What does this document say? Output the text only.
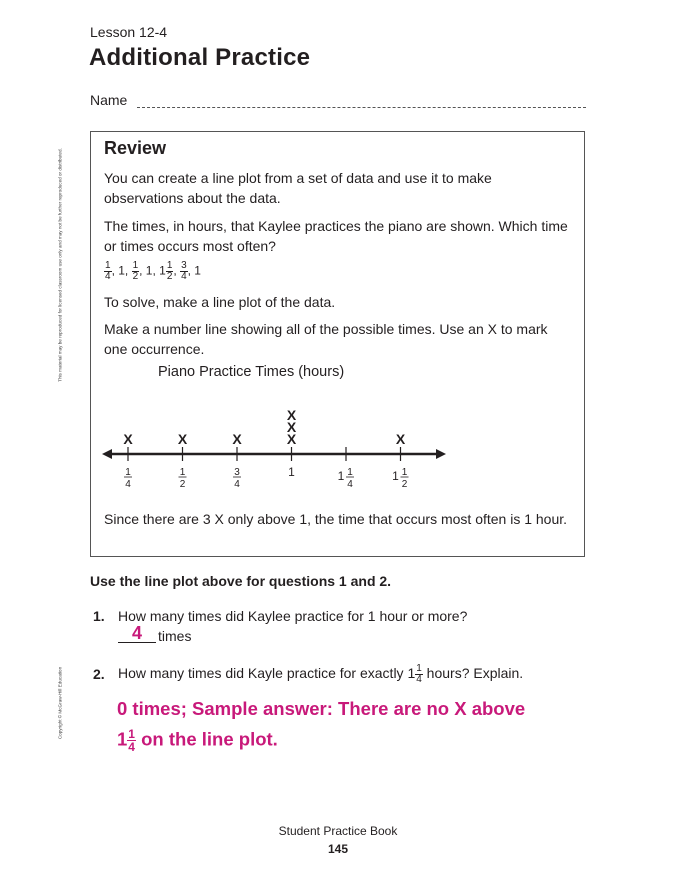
Lesson 12-4
Additional Practice
Name
This material may be reproduced for licensed classroom use only and may not be further reproduced or distributed.
Copyright © McGraw-Hill Education
Review
You can create a line plot from a set of data and use it to make observations about the data.
The times, in hours, that Kaylee practices the piano are shown. Which time or times occurs most often?
$\frac{1}{4}$ , 1, $\frac{1}{2}$ , 1, $1 \frac{1}{2}$ , $\frac{3}{4}$ , 1
To solve, make a line plot of the data.
Make a number line showing all of the possible times. Use an X to mark one occurrence.
Piano Practice Times (hours)
1
4
X
1
2
X
3
4
X
1
X
X
X
1 1
4
1 1
2
X
Since there are 3 X only above 1, the time that occurs most often is 1 hour.
Use the line plot above for questions 1 and 2.
1. How many times did Kaylee practice for 1 hour or more?
4	times
2. How many times did Kayle practice for exactly $1 \frac{1}{4}$ hours? Explain.
0 times; Sample answer: There are no X above
$1 \frac{1}{4}$ on the line plot.
Student Practice Book
145
